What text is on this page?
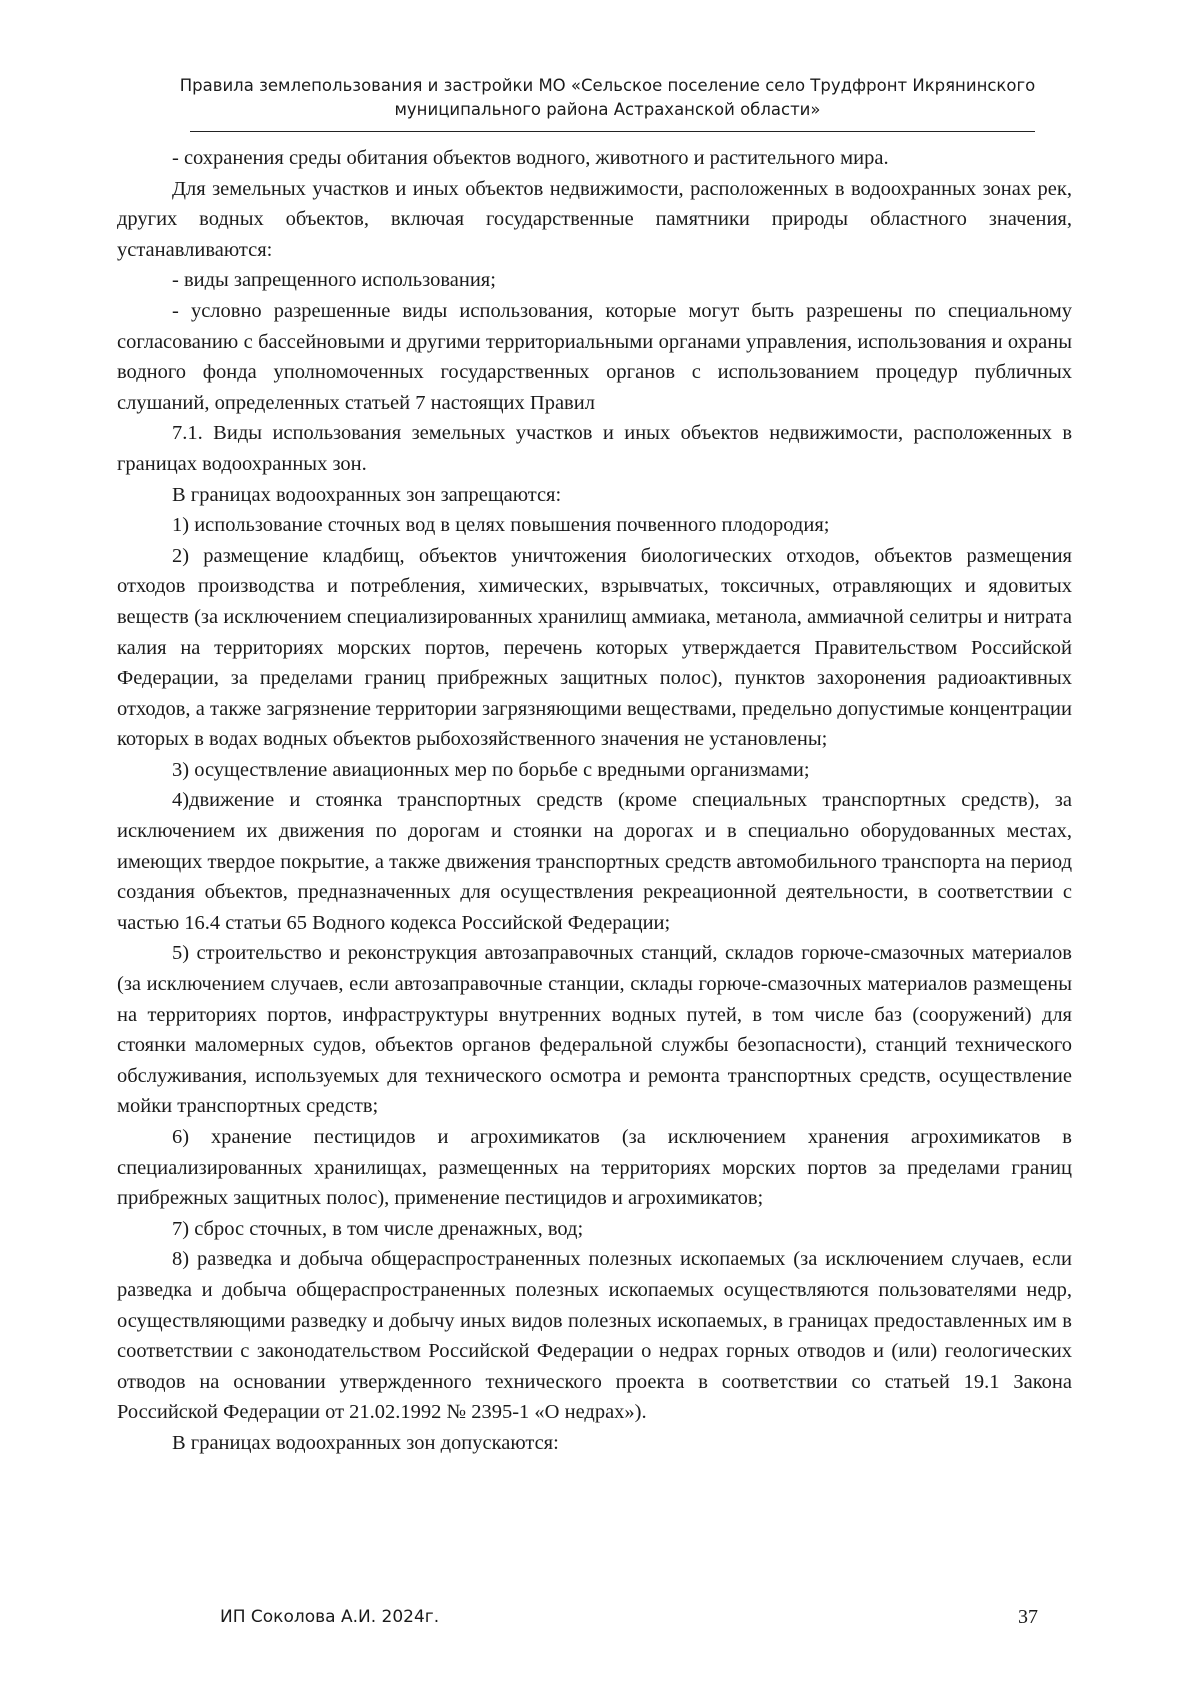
Правила землепользования и застройки МО «Сельское поселение село Трудфронт Икрянинского
муниципального района Астраханской области»

- сохранения среды обитания объектов водного, животного и растительного мира.

Для земельных участков и иных объектов недвижимости, расположенных в водоохранных зонах рек, других водных объектов, включая государственные памятники природы областного значения, устанавливаются:

- виды запрещенного использования;

- условно разрешенные виды использования, которые могут быть разрешены по специальному согласованию с бассейновыми и другими территориальными органами управления, использования и охраны водного фонда уполномоченных государственных органов с использованием процедур публичных слушаний, определенных статьей 7 настоящих Правил

7.1. Виды использования земельных участков и иных объектов недвижимости, расположенных в границах водоохранных зон.

В границах водоохранных зон запрещаются:

1) использование сточных вод в целях повышения почвенного плодородия;

2) размещение кладбищ, объектов уничтожения биологических отходов, объектов размещения отходов производства и потребления, химических, взрывчатых, токсичных, отравляющих и ядовитых веществ (за исключением специализированных хранилищ аммиака, метанола, аммиачной селитры и нитрата калия на территориях морских портов, перечень которых утверждается Правительством Российской Федерации, за пределами границ прибрежных защитных полос), пунктов захоронения радиоактивных отходов, а также загрязнение территории загрязняющими веществами, предельно допустимые концентрации которых в водах водных объектов рыбохозяйственного значения не установлены;

3) осуществление авиационных мер по борьбе с вредными организмами;

4)движение и стоянка транспортных средств (кроме специальных транспортных средств), за исключением их движения по дорогам и стоянки на дорогах и в специально оборудованных местах, имеющих твердое покрытие, а также движения транспортных средств автомобильного транспорта на период создания объектов, предназначенных для осуществления рекреационной деятельности, в соответствии с частью 16.4 статьи 65 Водного кодекса Российской Федерации;

5) строительство и реконструкция автозаправочных станций, складов горюче-смазочных материалов (за исключением случаев, если автозаправочные станции, склады горюче-смазочных материалов размещены на территориях портов, инфраструктуры внутренних водных путей, в том числе баз (сооружений) для стоянки маломерных судов, объектов органов федеральной службы безопасности), станций технического обслуживания, используемых для технического осмотра и ремонта транспортных средств, осуществление мойки транспортных средств;

6) хранение пестицидов и агрохимикатов (за исключением хранения агрохимикатов в специализированных хранилищах, размещенных на территориях морских портов за пределами границ прибрежных защитных полос), применение пестицидов и агрохимикатов;

7) сброс сточных, в том числе дренажных, вод;

8) разведка и добыча общераспространенных полезных ископаемых (за исключением случаев, если разведка и добыча общераспространенных полезных ископаемых осуществляются пользователями недр, осуществляющими разведку и добычу иных видов полезных ископаемых, в границах предоставленных им в соответствии с законодательством Российской Федерации о недрах горных отводов и (или) геологических отводов на основании утвержденного технического проекта в соответствии со статьей 19.1 Закона Российской Федерации от 21.02.1992 № 2395-1 «О недрах»).

В границах водоохранных зон допускаются:

ИП Соколова А.И. 2024г.	37
